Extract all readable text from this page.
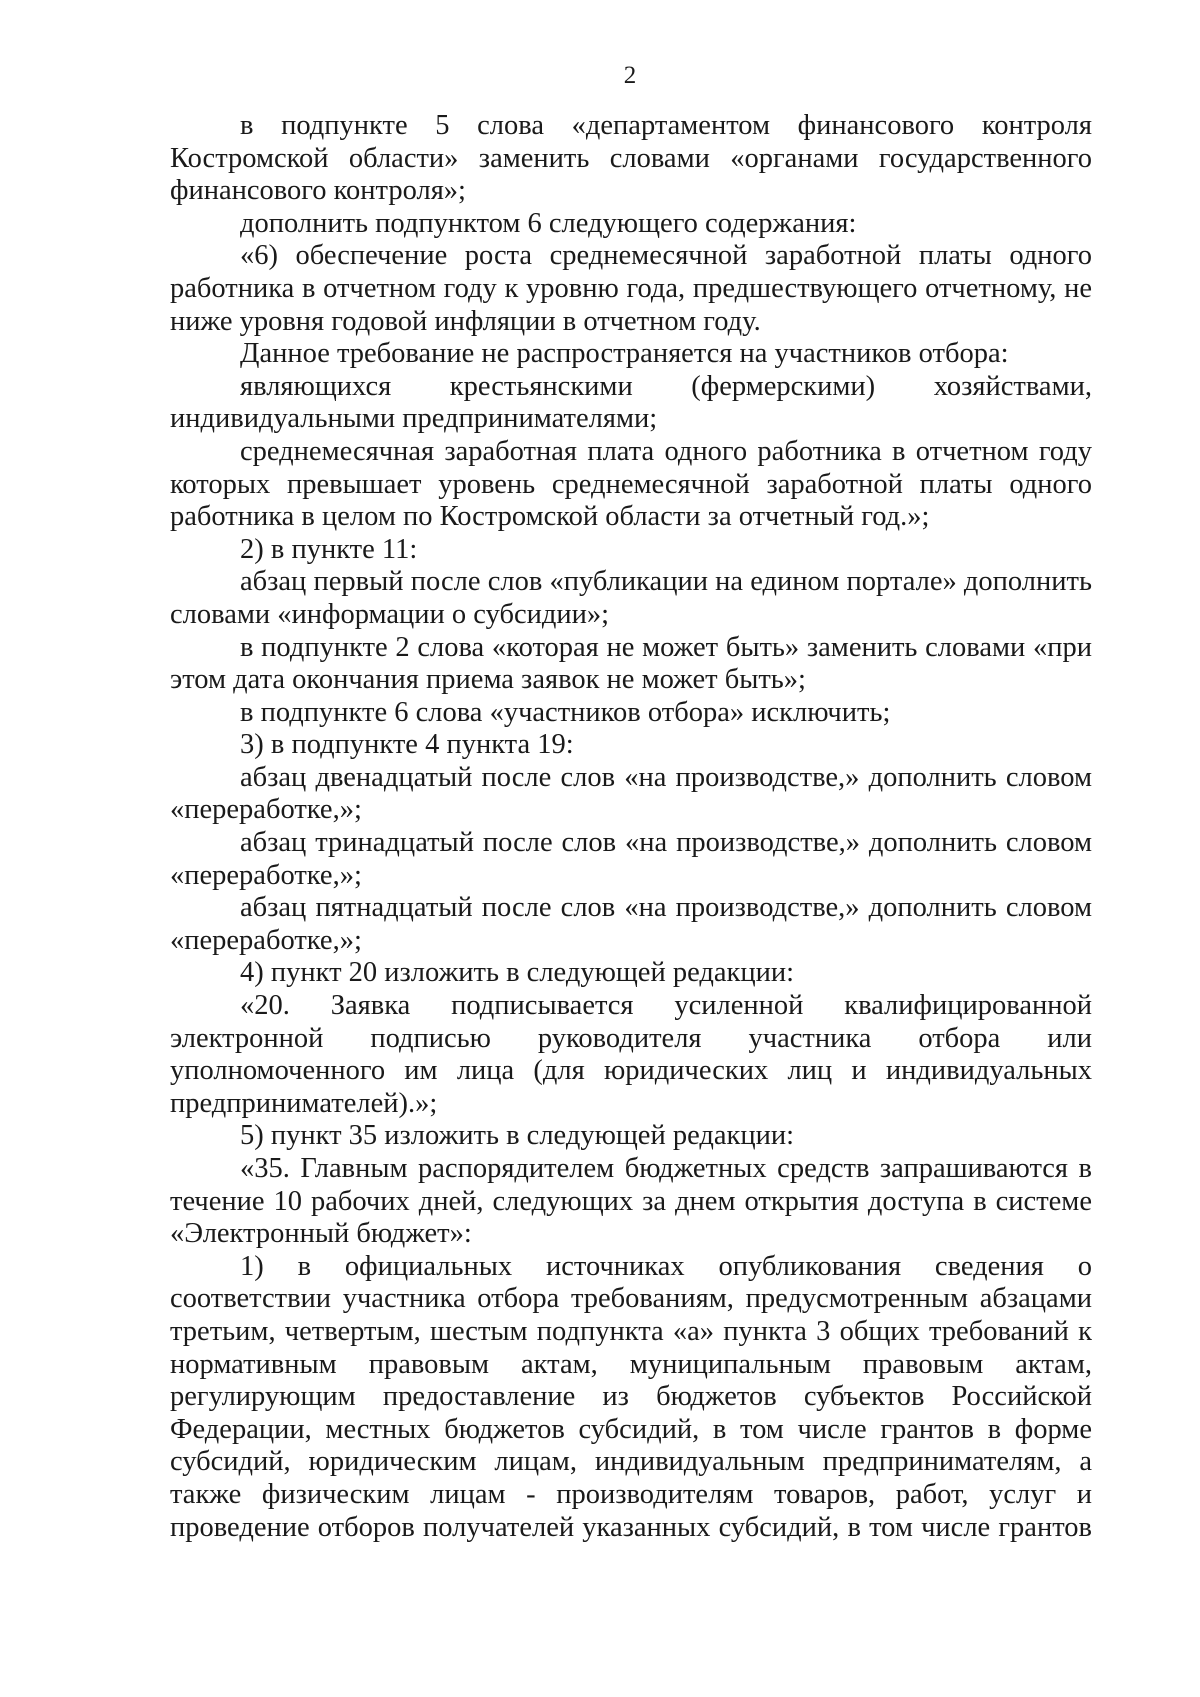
2

в подпункте 5 слова «департаментом финансового контроля Костромской области» заменить словами «органами государственного финансового контроля»;

дополнить подпунктом 6 следующего содержания:

«6) обеспечение роста среднемесячной заработной платы одного работника в отчетном году к уровню года, предшествующего отчетному, не ниже уровня годовой инфляции в отчетном году.

Данное требование не распространяется на участников отбора:

являющихся крестьянскими (фермерскими) хозяйствами, индивидуальными предпринимателями;

среднемесячная заработная плата одного работника в отчетном году которых превышает уровень среднемесячной заработной платы одного работника в целом по Костромской области за отчетный год.»;

2) в пункте 11:

абзац первый после слов «публикации на едином портале» дополнить словами «информации о субсидии»;

в подпункте 2 слова «которая не может быть» заменить словами «при этом дата окончания приема заявок не может быть»;

в подпункте 6 слова «участников отбора» исключить;

3) в подпункте 4 пункта 19:

абзац двенадцатый после слов «на производстве,» дополнить словом «переработке,»;

абзац тринадцатый после слов «на производстве,» дополнить словом «переработке,»;

абзац пятнадцатый после слов «на производстве,» дополнить словом «переработке,»;

4) пункт 20 изложить в следующей редакции:

«20. Заявка подписывается усиленной квалифицированной электронной подписью руководителя участника отбора или уполномоченного им лица (для юридических лиц и индивидуальных предпринимателей).»;

5) пункт 35 изложить в следующей редакции:

«35. Главным распорядителем бюджетных средств запрашиваются в течение 10 рабочих дней, следующих за днем открытия доступа в системе «Электронный бюджет»:

1) в официальных источниках опубликования сведения о соответствии участника отбора требованиям, предусмотренным абзацами третьим, четвертым, шестым подпункта «а» пункта 3 общих требований к нормативным правовым актам, муниципальным правовым актам, регулирующим предоставление из бюджетов субъектов Российской Федерации, местных бюджетов субсидий, в том числе грантов в форме субсидий, юридическим лицам, индивидуальным предпринимателям, а также физическим лицам - производителям товаров, работ, услуг и проведение отборов получателей указанных субсидий, в том числе грантов
